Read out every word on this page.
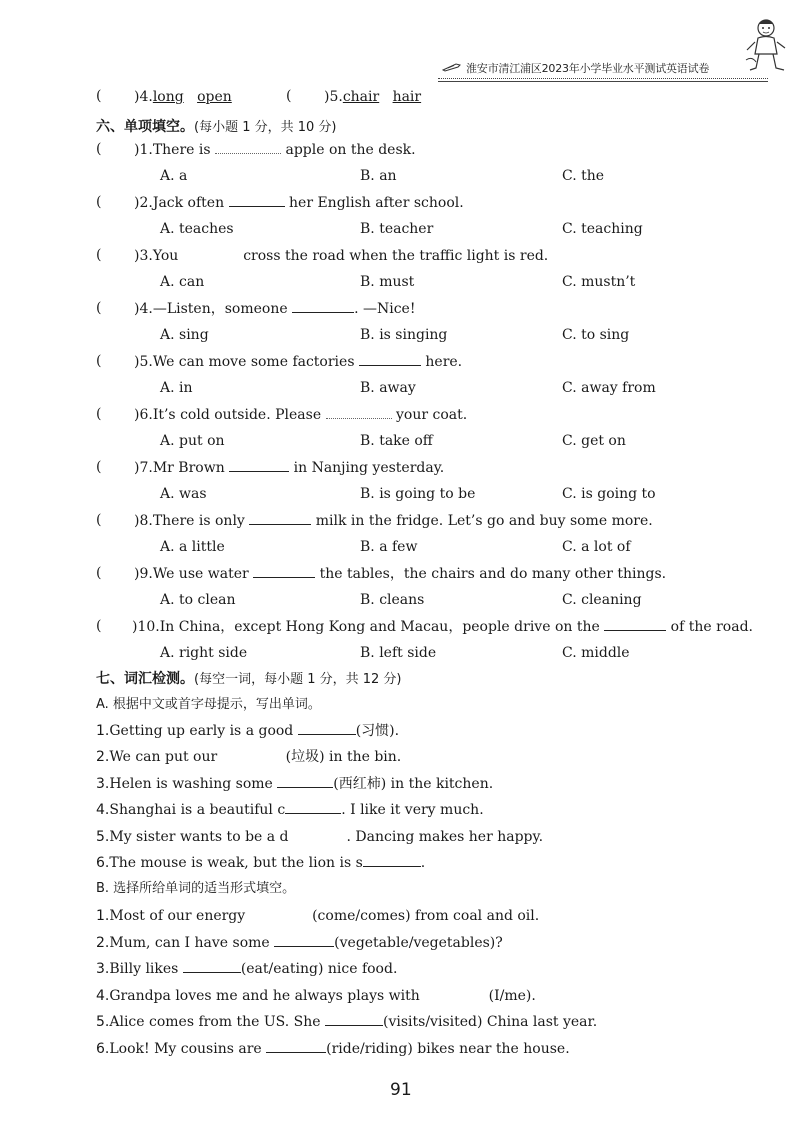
淮安市清江浦区2023年小学毕业水平测试英语试卷
( )4.long open	( )5.chair hair
六、单项填空。(每小题 1 分，共 10 分)
( )1.There is	apple on the desk.
A. a	B. an	C. the
( )2.Jack often	her English after school.
A. teaches	B. teacher	C. teaching
( )3.You	cross the road when the traffic light is red.
A. can	B. must	C. mustn’t
( )4.—Listen，someone	. —Nice!
A. sing	B. is singing	C. to sing
( )5.We can move some factories	here.
A. in	B. away	C. away from
( )6.It’s cold outside. Please	your coat.
A. put on	B. take off	C. get on
( )7.Mr Brown	in Nanjing yesterday.
A. was	B. is going to be	C. is going to
( )8.There is only	milk in the fridge. Let’s go and buy some more.
A. a little	B. a few	C. a lot of
( )9.We use water	the tables，the chairs and do many other things.
A. to clean	B. cleans	C. cleaning
( )10.In China，except Hong Kong and Macau，people drive on the	of the road.
A. right side	B. left side	C. middle
七、词汇检测。(每空一词，每小题 1 分，共 12 分)
A. 根据中文或首字母提示，写出单词。
1.Getting up early is a good	(习惯).
2.We can put our	(垃圾) in the bin.
3.Helen is washing some	(西红柿) in the kitchen.
4.Shanghai is a beautiful c	. I like it very much.
5.My sister wants to be a d	. Dancing makes her happy.
6.The mouse is weak, but the lion is s	.
B. 选择所给单词的适当形式填空。
1.Most of our energy	(come/comes) from coal and oil.
2.Mum, can I have some	(vegetable/vegetables)?
3.Billy likes	(eat/eating) nice food.
4.Grandpa loves me and he always plays with	(I/me).
5.Alice comes from the US. She	(visits/visited) China last year.
6.Look! My cousins are	(ride/riding) bikes near the house.
91
